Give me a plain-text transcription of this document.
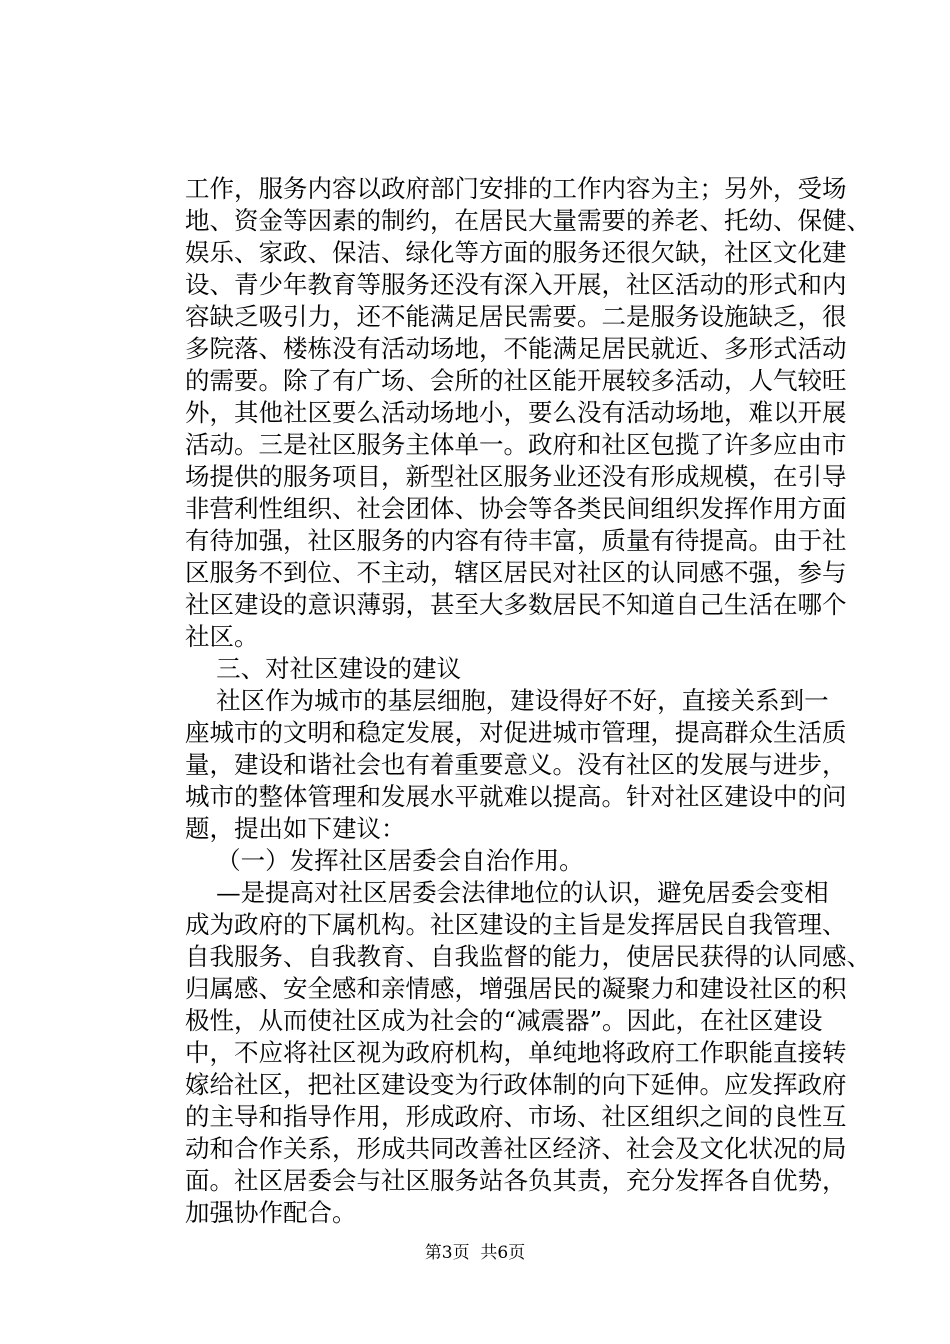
工作，服务内容以政府部门安排的工作内容为主；另外，受场
地、资金等因素的制约，在居民大量需要的养老、托幼、保健、
娱乐、家政、保洁、绿化等方面的服务还很欠缺，社区文化建
设、青少年教育等服务还没有深入开展，社区活动的形式和内
容缺乏吸引力，还不能满足居民需要。二是服务设施缺乏，很
多院落、楼栋没有活动场地，不能满足居民就近、多形式活动
的需要。除了有广场、会所的社区能开展较多活动，人气较旺
外，其他社区要么活动场地小，要么没有活动场地，难以开展
活动。三是社区服务主体单一。政府和社区包揽了许多应由市
场提供的服务项目，新型社区服务业还没有形成规模，在引导
非营利性组织、社会团体、协会等各类民间组织发挥作用方面
有待加强，社区服务的内容有待丰富，质量有待提高。由于社
区服务不到位、不主动，辖区居民对社区的认同感不强，参与
社区建设的意识薄弱，甚至大多数居民不知道自己生活在哪个
社区。
三、对社区建设的建议
社区作为城市的基层细胞，建设得好不好，直接关系到一
座城市的文明和稳定发展，对促进城市管理，提高群众生活质
量，建设和谐社会也有着重要意义。没有社区的发展与进步，
城市的整体管理和发展水平就难以提高。针对社区建设中的问
题，提出如下建议：
（一）发挥社区居委会自治作用。
—是提高对社区居委会法律地位的认识，避免居委会变相
成为政府的下属机构。社区建设的主旨是发挥居民自我管理、
自我服务、自我教育、自我监督的能力，使居民获得的认同感、
归属感、安全感和亲情感，增强居民的凝聚力和建设社区的积
极性，从而使社区成为社会的“减震器”。因此，在社区建设
中，不应将社区视为政府机构，单纯地将政府工作职能直接转
嫁给社区，把社区建设变为行政体制的向下延伸。应发挥政府
的主导和指导作用，形成政府、市场、社区组织之间的良性互
动和合作关系，形成共同改善社区经济、社会及文化状况的局
面。社区居委会与社区服务站各负其责，充分发挥各自优势，
加强协作配合。
第3页  共6页
